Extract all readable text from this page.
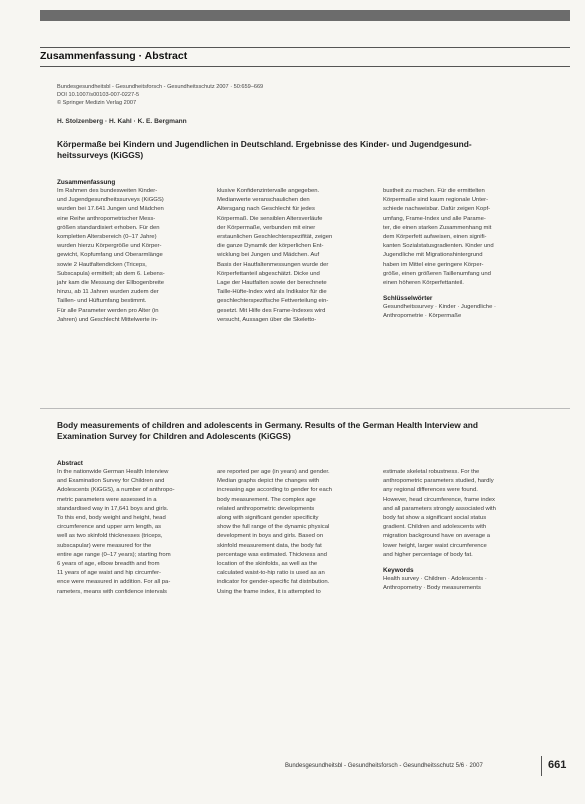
Zusammenfassung · Abstract
Bundesgesundheitsbl - Gesundheitsforsch - Gesundheitsschutz 2007 · 50:659–669
DOI 10.1007/s00103-007-0227-5
© Springer Medizin Verlag 2007
H. Stolzenberg · H. Kahl · K. E. Bergmann
Körpermaße bei Kindern und Jugendlichen in Deutschland. Ergebnisse des Kinder- und Jugendgesund-
heitssurveys (KiGGS)
Zusammenfassung
Im Rahmen des bundesweiten Kinder-
und Jugendgesundheitssurveys (KiGGS)
wurden bei 17.641 Jungen und Mädchen
eine Reihe anthropometrischer Mess-
größen standardisiert erhoben. Für den
kompletten Altersbereich (0–17 Jahre)
wurden hierzu Körpergröße und Körper-
gewicht, Kopfumfang und Oberarmlänge
sowie 2 Hautfaltendicken (Triceps,
Subscapula) ermittelt; ab dem 6. Lebens-
jahr kam die Messung der Ellbogenbreite
hinzu, ab 11 Jahren wurden zudem der
Taillen- und Hüftumfang bestimmt.
Für alle Parameter werden pro Alter (in
Jahren) und Geschlecht Mittelwerte in-
klusive Konfidenzintervalle angegeben.
Medianwerte veranschaulichen den
Altersgang nach Geschlecht für jedes
Körpermaß. Die sensiblen Altersverläufe
der Körpermaße, verbunden mit einer
erstaunlichen Geschlechterspezifität, zeigen
die ganze Dynamik der körperlichen Ent-
wicklung bei Jungen und Mädchen. Auf
Basis der Hautfaltenmessungen wurde der
Körperfettanteil abgeschätzt. Dicke und
Lage der Hautfalten sowie der berechnete
Taille-Hüfte-Index wird als Indikator für die
geschlechterspezifische Fettverteilung ein-
gesetzt. Mit Hilfe des Frame-Indexes wird
versucht, Aussagen über die Skeletto-
bustheit zu machen. Für die ermittelten
Körpermaße sind kaum regionale Unter-
schiede nachweisbar. Dafür zeigen Kopf-
umfang, Frame-Index und alle Parame-
ter, die einen starken Zusammenhang mit
dem Körperfett aufweisen, einen signifi-
kanten Sozialstatusgradienten. Kinder und
Jugendliche mit Migrationshintergrund
haben im Mittel eine geringere Körper-
größe, einen größeren Taillenumfang und
einen höheren Körperfettanteil.
Schlüsselwörter
Gesundheitssurvey · Kinder · Jugendliche ·
Anthropometrie · Körpermaße
Body measurements of children and adolescents in Germany. Results of the German Health Interview and
Examination Survey for Children and Adolescents (KiGGS)
Abstract
In the nationwide German Health Interview
and Examination Survey for Children and
Adolescents (KiGGS), a number of anthropo-
metric parameters were assessed in a
standardised way in 17,641 boys and girls.
To this end, body weight and height, head
circumference and upper arm length, as
well as two skinfold thicknesses (triceps,
subscapular) were measured for the
entire age range (0–17 years); starting from
6 years of age, elbow breadth and from
11 years of age waist and hip circumfer-
ence were measured in addition. For all pa-
rameters, means with confidence intervals
are reported per age (in years) and gender.
Median graphs depict the changes with
increasing age according to gender for each
body measurement. The complex age
related anthropometric developments
along with significant gender specificity
show the full range of the dynamic physical
development in boys and girls. Based on
skinfold measurement data, the body fat
percentage was estimated. Thickness and
location of the skinfolds, as well as the
calculated waist-to-hip ratio is used as an
indicator for gender-specific fat distribution.
Using the frame index, it is attempted to
estimate skeletal robustness. For the
anthropometric parameters studied, hardly
any regional differences were found.
However, head circumference, frame index
and all parameters strongly associated with
body fat show a significant social status
gradient. Children and adolescents with
migration background have on average a
lower height, larger waist circumference
and higher percentage of body fat.
Keywords
Health survey · Children · Adolescents ·
Anthropometry · Body measurements
Bundesgesundheitsbl - Gesundheitsforsch - Gesundheitsschutz 5/6 · 2007	661
